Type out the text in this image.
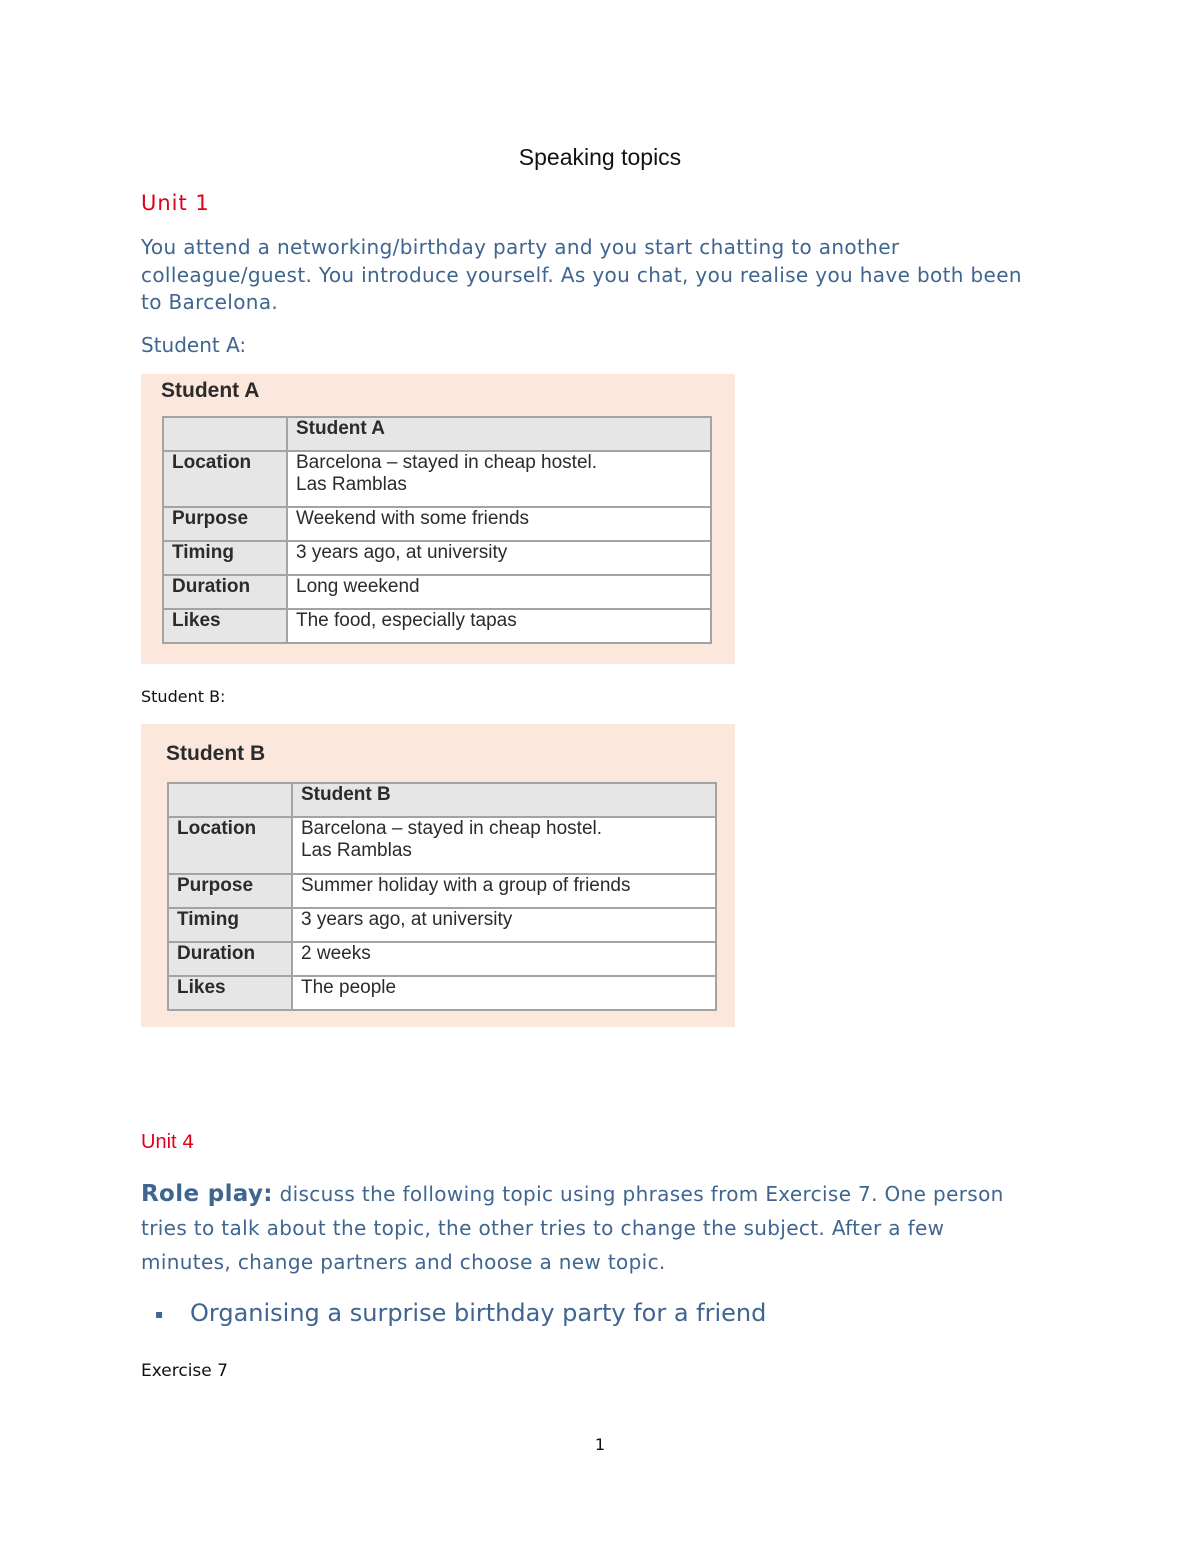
Speaking topics
Unit 1
You attend a networking/birthday party and you start chatting to another colleague/guest. You introduce yourself. As you chat, you realise you have both been to Barcelona.
Student A:
Student A
	Student A
Location	Barcelona – stayed in cheap hostel.
Las Ramblas
Purpose	Weekend with some friends
Timing	3 years ago, at university
Duration	Long weekend
Likes	The food, especially tapas
Student B:
Student B
	Student B
Location	Barcelona – stayed in cheap hostel.
Las Ramblas
Purpose	Summer holiday with a group of friends
Timing	3 years ago, at university
Duration	2 weeks
Likes	The people
Unit 4
Role play: discuss the following topic using phrases from Exercise 7. One person tries to talk about the topic, the other tries to change the subject. After a few minutes, change partners and choose a new topic.
▪ Organising a surprise birthday party for a friend
Exercise 7
1
